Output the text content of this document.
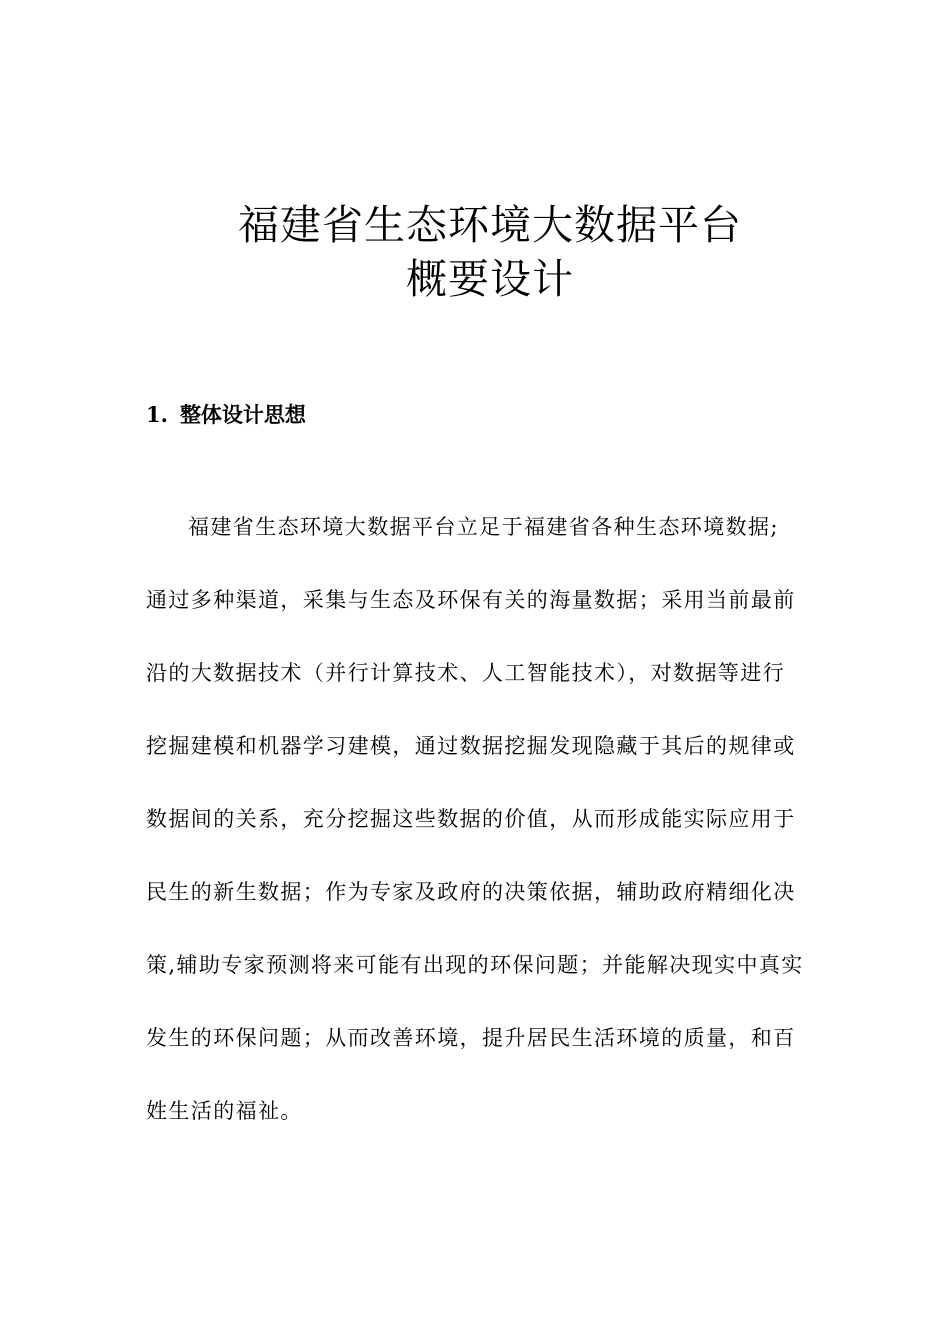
福建省生态环境大数据平台
概要设计
1. 整体设计思想
福建省生态环境大数据平台立足于福建省各种生态环境数据;
通过多种渠道，采集与生态及环保有关的海量数据；采用当前最前
沿的大数据技术（并行计算技术、人工智能技术），对数据等进行
挖掘建模和机器学习建模，通过数据挖掘发现隐藏于其后的规律或
数据间的关系，充分挖掘这些数据的价值，从而形成能实际应用于
民生的新生数据；作为专家及政府的决策依据，辅助政府精细化决
策,辅助专家预测将来可能有出现的环保问题；并能解决现实中真实
发生的环保问题；从而改善环境，提升居民生活环境的质量，和百
姓生活的福祉。
